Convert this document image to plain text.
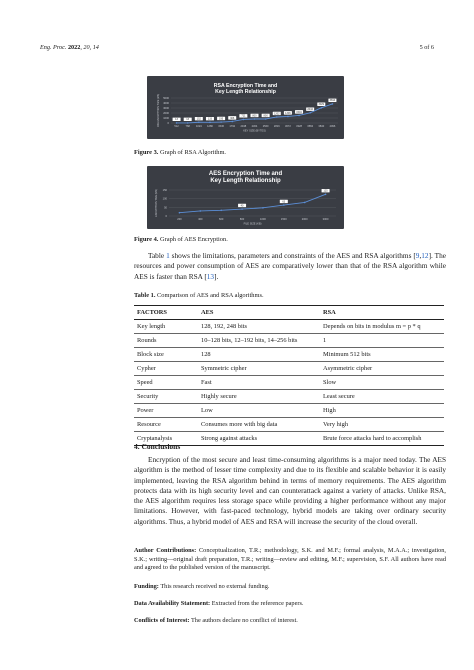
Eng. Proc. 2022, 20, 14	5 of 6
RSA Encryption Time and
Key Length Relationship
0
1000
2000
3000
4000
5000
512	768 1024 1280 1536 1792 2048 2304 2560 2816 3072 3328 3584 3840 4096
KEY SIZE (BYTES)
RSA ENCRYPTION TIME (MS)	13	13	152	133	195	306
711	800	800
1202 1306 1504
2044
3029
3814
Figure 3. Graph of RSA Algorithm.
AES Encryption Time and
Key Length Relationship
0
50
100
150
200	400	600	800	1000	1500	2000	3000
FILE SIZE (KB)
ENCRYPTION TIME (MS)	40
63
125
Figure 4. Graph of AES Encryption.
Table 1 shows the limitations, parameters and constraints of the AES and RSA algorithms [9,12]. The resources and power consumption of AES are comparatively lower than that of the RSA algorithm while AES is faster than RSA [13].
Table 1. Comparison of AES and RSA algorithms.
FACTORS	AES	RSA
Key length	128, 192, 248 bits	Depends on bits in modulus m = p * q
Rounds	10–128 bits, 12–192 bits, 14–256 bits	1
Block size	128	Minimum 512 bits
Cypher	Symmetric cipher	Asymmetric cipher
Speed	Fast	Slow
Security	Highly secure	Least secure
Power	Low	High
Resource	Consumes more with big data	Very high
Cryptanalysis	Strong against attacks	Brute force attacks hard to accomplish
4. Conclusions
Encryption of the most secure and least time-consuming algorithms is a major need today. The AES algorithm is the method of lesser time complexity and due to its flexible and scalable behavior it is easily implemented, leaving the RSA algorithm behind in terms of memory requirements. The AES algorithm protects data with its high security level and can counterattack against a variety of attacks. Unlike RSA, the AES algorithm requires less storage space while providing a higher performance without any major limitations. However, with fast-paced technology, hybrid models are taking over ordinary security algorithms. Thus, a hybrid model of AES and RSA will increase the security of the cloud overall.
Author Contributions: Conceptualization, T.R.; methodology, S.K. and M.F.; formal analysis, M.A.A.; investigation, S.K.; writing—original draft preparation, T.R.; writing—review and editing, M.F.; supervision, S.F. All authors have read and agreed to the published version of the manuscript.
Funding: This research received no external funding.
Data Availability Statement: Extracted from the reference papers.
Conflicts of Interest: The authors declare no conflict of interest.
